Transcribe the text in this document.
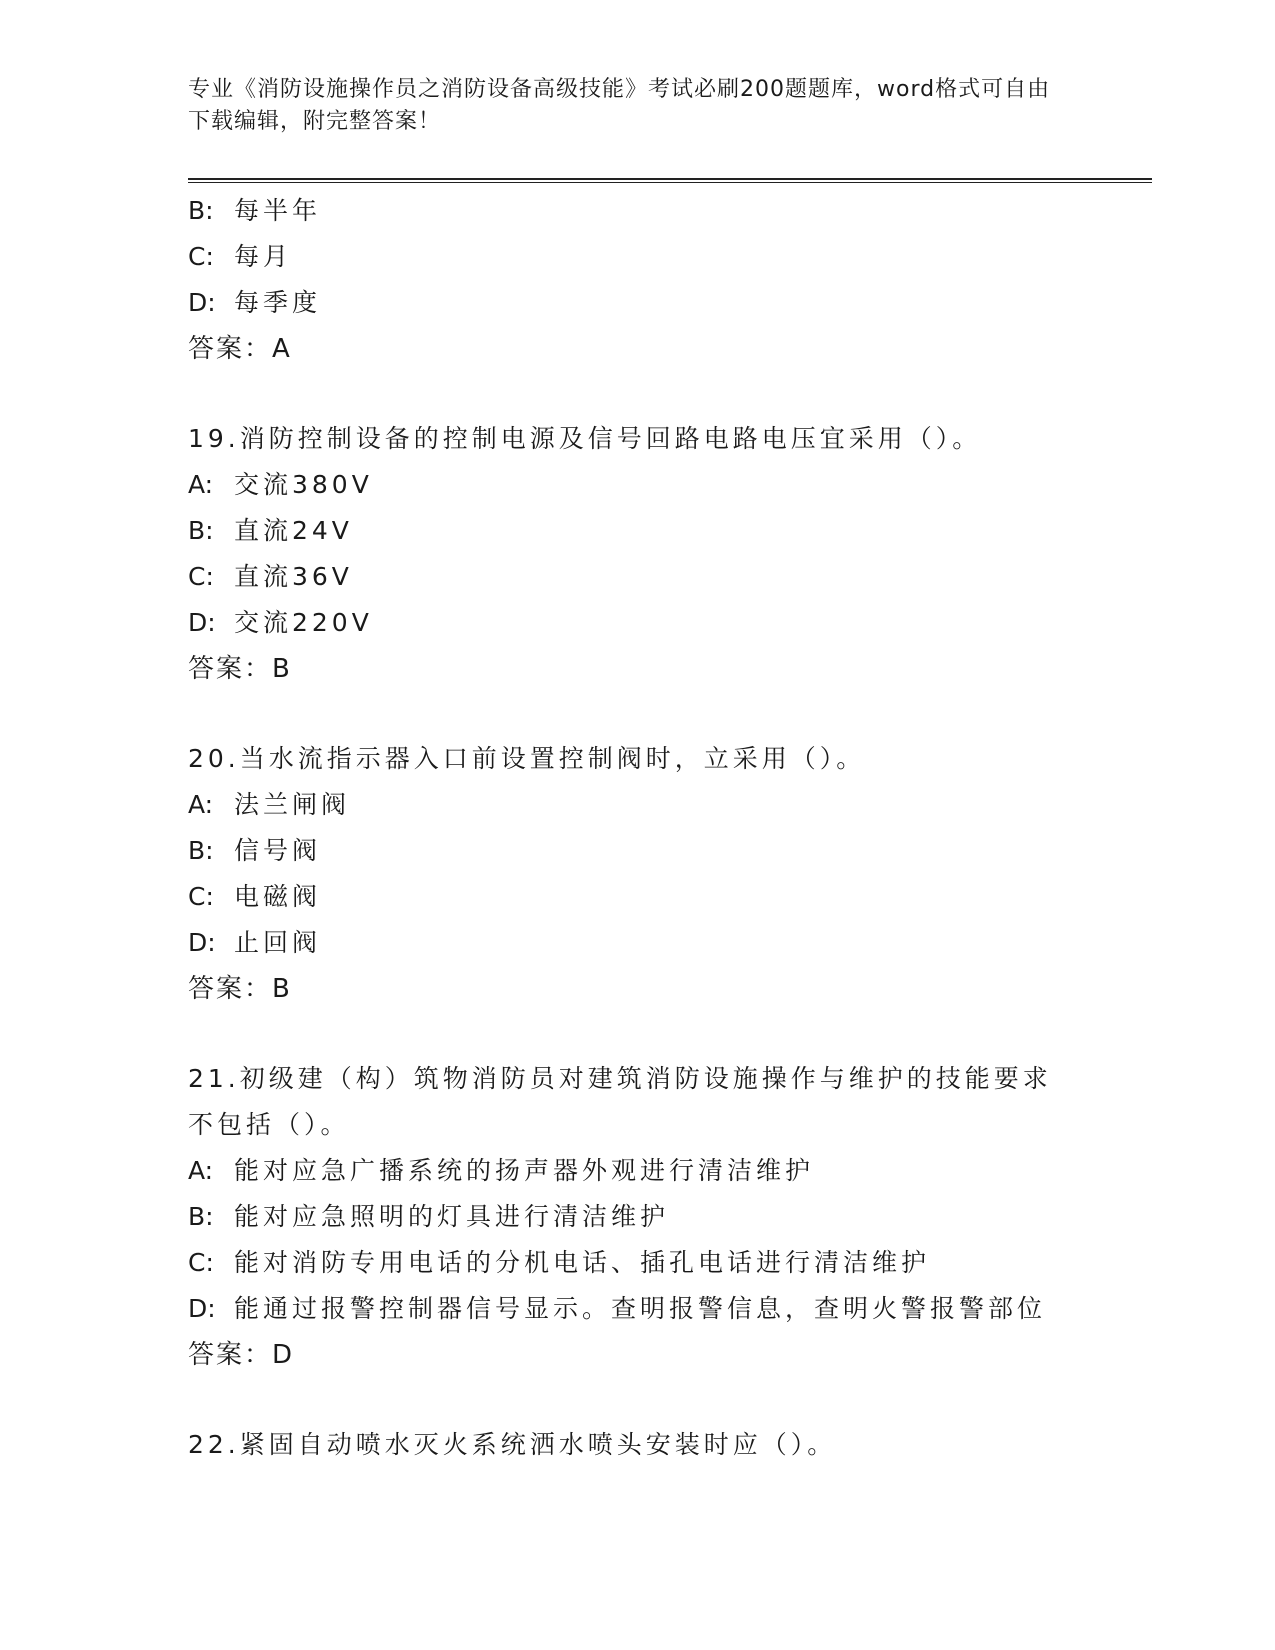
专业《消防设施操作员之消防设备高级技能》考试必刷200题题库，word格式可自由下载编辑，附完整答案！
B: 每半年
C: 每月
D: 每季度
答案：A
19.消防控制设备的控制电源及信号回路电路电压宜采用（）。
A: 交流380V
B: 直流24V
C: 直流36V
D: 交流220V
答案：B
20.当水流指示器入口前设置控制阀时，立采用（）。
A: 法兰闸阀
B: 信号阀
C: 电磁阀
D: 止回阀
答案：B
21.初级建（构）筑物消防员对建筑消防设施操作与维护的技能要求不包括（）。
A: 能对应急广播系统的扬声器外观进行清洁维护
B: 能对应急照明的灯具进行清洁维护
C: 能对消防专用电话的分机电话、插孔电话进行清洁维护
D: 能通过报警控制器信号显示。查明报警信息，查明火警报警部位
答案：D
22.紧固自动喷水灭火系统洒水喷头安装时应（）。
